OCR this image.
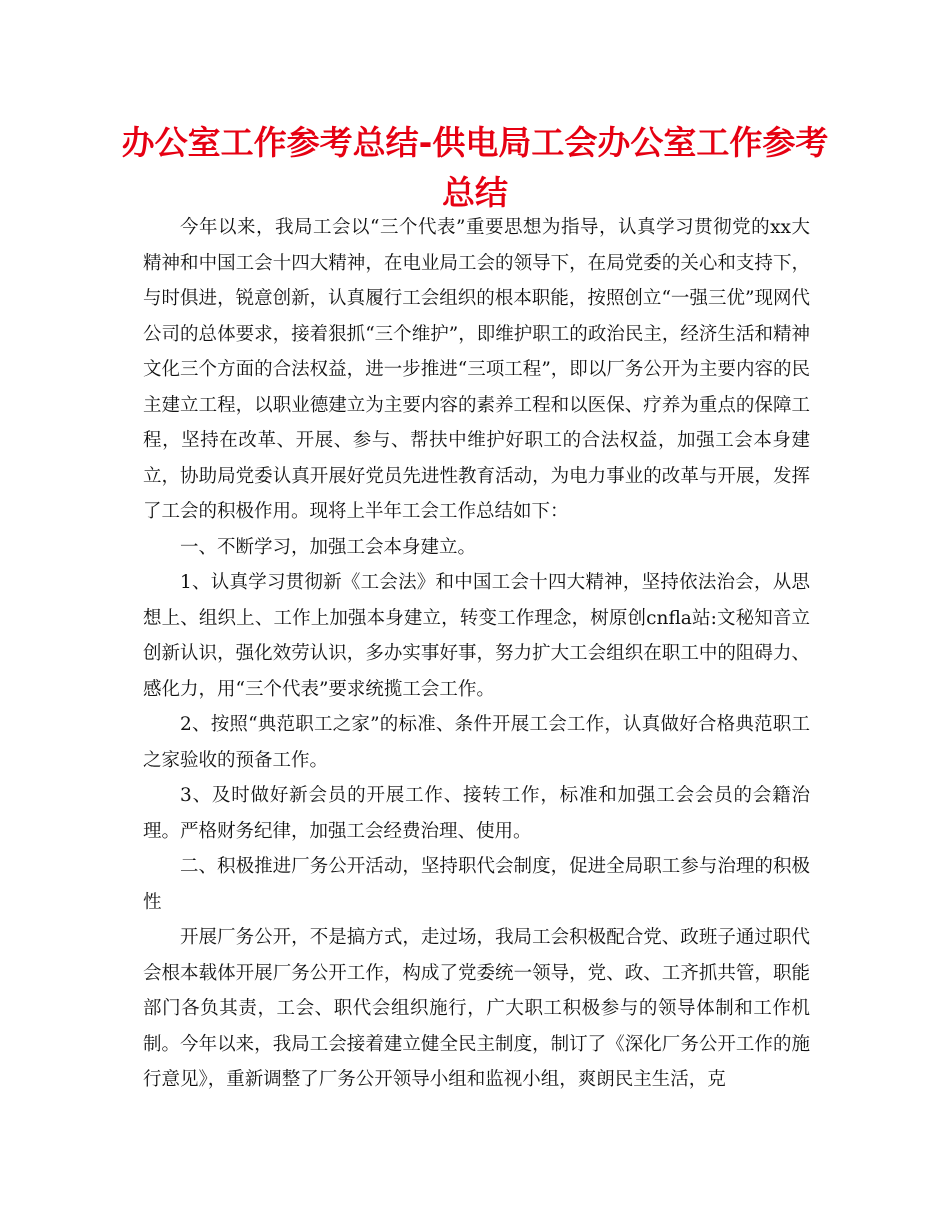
办公室工作参考总结-供电局工会办公室工作参考总结

今年以来，我局工会以“三个代表”重要思想为指导，认真学习贯彻党的xx大精神和中国工会十四大精神，在电业局工会的领导下，在局党委的关心和支持下，与时俱进，锐意创新，认真履行工会组织的根本职能，按照创立“一强三优”现网代公司的总体要求，接着狠抓“三个维护”，即维护职工的政治民主，经济生活和精神文化三个方面的合法权益，进一步推进“三项工程”，即以厂务公开为主要内容的民主建立工程，以职业德建立为主要内容的素养工程和以医保、疗养为重点的保障工程，坚持在改革、开展、参与、帮扶中维护好职工的合法权益，加强工会本身建立，协助局党委认真开展好党员先进性教育活动，为电力事业的改革与开展，发挥了工会的积极作用。现将上半年工会工作总结如下：

一、不断学习，加强工会本身建立。

1、认真学习贯彻新《工会法》和中国工会十四大精神，坚持依法治会，从思想上、组织上、工作上加强本身建立，转变工作理念，树原创cnfla站:文秘知音立创新认识，强化效劳认识，多办实事好事，努力扩大工会组织在职工中的阻碍力、感化力，用“三个代表”要求统揽工会工作。

2、按照“典范职工之家”的标准、条件开展工会工作，认真做好合格典范职工之家验收的预备工作。

3、及时做好新会员的开展工作、接转工作，标准和加强工会会员的会籍治理。严格财务纪律，加强工会经费治理、使用。

二、积极推进厂务公开活动，坚持职代会制度，促进全局职工参与治理的积极性

开展厂务公开，不是搞方式，走过场，我局工会积极配合党、政班子通过职代会根本载体开展厂务公开工作，构成了党委统一领导，党、政、工齐抓共管，职能部门各负其责，工会、职代会组织施行，广大职工积极参与的领导体制和工作机制。今年以来，我局工会接着建立健全民主制度，制订了《深化厂务公开工作的施行意见》，重新调整了厂务公开领导小组和监视小组，爽朗民主生活，克
